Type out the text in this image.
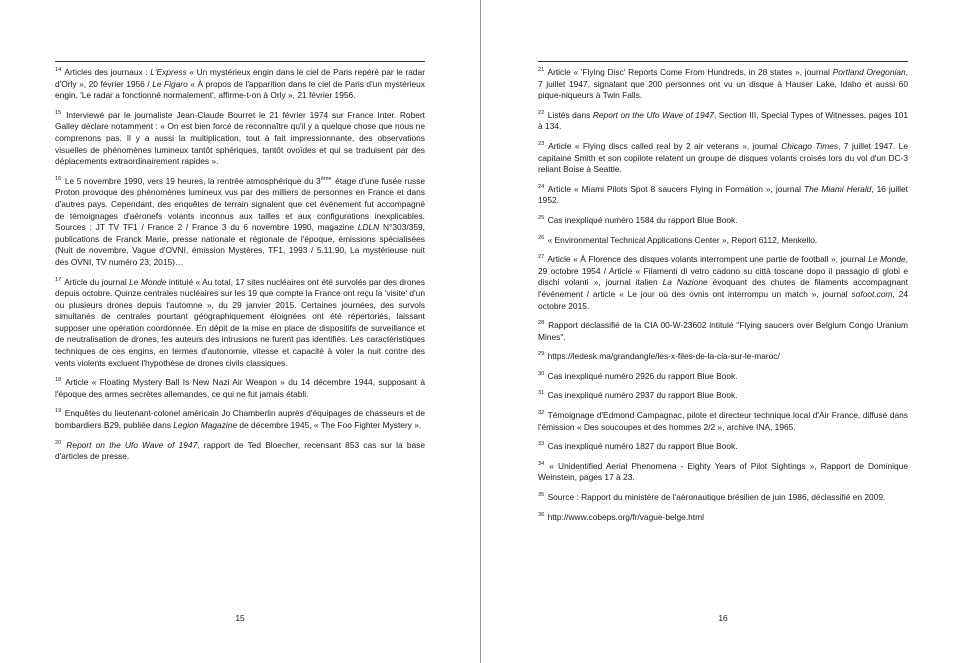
$^{14}$ Articles des journaux : L'Express « Un mystérieux engin dans le ciel de Paris repéré par le radar d'Orly », 20 février 1956 / Le Figaro « À propos de l'apparition dans le ciel de Paris d'un mystérieux engin, 'Le radar a fonctionné normalement', affirme-t-on à Orly », 21 février 1956.

$^{15}$ Interviewé par le journaliste Jean-Claude Bourret le 21 février 1974 sur France Inter. Robert Galley déclare notamment : « On est bien forcé de reconnaître qu'il y a quelque chose que nous ne comprenons pas. Il y a aussi la multiplication, tout à fait impressionnante, des observations visuelles de phénomènes lumineux tantôt sphériques, tantôt ovoïdes et qui se traduisent par des déplacements extraordinairement rapides ».

$^{16}$ Le 5 novembre 1990, vers 19 heures, la rentrée atmosphérique du 3ème étage d'une fusée russe Proton provoque des phénomènes lumineux vus par des milliers de personnes en France et dans d'autres pays. Cependant, des enquêtes de terrain signalent que cet événement fut accompagné de témoignages d'aéronefs volants inconnus aux tailles et aux configurations inexplicables. Sources : JT TV TF1 / France 2 / France 3 du 6 novembre 1990, magazine LDLN N°303/359, publications de Franck Marie, presse nationale et régionale de l'époque, émissions spécialisées (Nuit de novembre, Vague d'OVNI, émission Mystères, TF1, 1993 / 5.11.90, La mystérieuse nuit des OVNI, TV numéro 23, 2015)…

$^{17}$ Article du journal Le Monde intitulé « Au total, 17 sites nucléaires ont été survolés par des drones depuis octobre. Quinze centrales nucléaires sur les 19 que compte la France ont reçu la 'visite' d'un ou plusieurs drones depuis l'automne », du 29 janvier 2015. Certaines journées, des survols simultanés de centrales pourtant géographiquement éloignées ont été répertoriés, laissant supposer une opération coordonnée. En dépit de la mise en place de dispositifs de surveillance et de neutralisation de drones, les auteurs des intrusions ne furent pas identifiés. Les caractéristiques techniques de ces engins, en termes d'autonomie, vitesse et capacité à voler la nuit contre des vents violents excluent l'hypothèse de drones civils classiques.

$^{18}$ Article « Floating Mystery Ball Is New Nazi Air Weapon » du 14 décembre 1944, supposant à l'époque des armes secrètes allemandes, ce qui ne fut jamais établi.

$^{19}$ Enquêtes du lieutenant-colonel américain Jo Chamberlin auprès d'équipages de chasseurs et de bombardiers B29, publiée dans Legion Magazine de décembre 1945, « The Foo Fighter Mystery ».

$^{20}$ Report on the Ufo Wave of 1947, rapport de Ted Bloecher, recensant 853 cas sur la base d'articles de presse.

15

$^{21}$ Article « 'Flying Disc' Reports Come From Hundreds, in 28 states », journal Portland Oregonian, 7 juillet 1947, signalant que 200 personnes ont vu un disque à Hauser Lake, Idaho et aussi 60 pique-niqueurs à Twin Falls.

$^{22}$ Listés dans Report on the Ufo Wave of 1947, Section III, Special Types of Witnesses, pages 101 à 134.

$^{23}$ Article « Flying discs called real by 2 air veterans », journal Chicago Times, 7 juillet 1947. Le capitaine Smith et son copilote relatent un groupe de disques volants croisés lors du vol d'un DC-3 reliant Boise à Seattle.

$^{24}$ Article « Miami Pilots Spot 8 saucers Flying in Formation », journal The Miami Herald, 16 juillet 1952.

$^{25}$ Cas inexpliqué numéro 1584 du rapport Blue Book.

$^{26}$ « Environmental Technical Applications Center », Report 6112, Menkello.

$^{27}$ Article « À Florence des disques volants interrompent une partie de football », journal Le Monde, 29 octobre 1954 / Article « Filamenti di vetro cadono su città toscane dopo il passagio di globi e dischi volanti », journal italien La Nazione évoquant des chutes de filaments accompagnant l'événement / article « Le jour où des ovnis ont interrompu un match », journal sofoot.com, 24 octobre 2015.

$^{28}$ Rapport déclassifié de la CIA 00-W-23602 intitulé "Flying saucers over Belgium Congo Uranium Mines".

$^{29}$ https://ledesk.ma/grandangle/les-x-files-de-la-cia-sur-le-maroc/

$^{30}$ Cas inexpliqué numéro 2926 du rapport Blue Book.

$^{31}$ Cas inexpliqué numéro 2937 du rapport Blue Book.

$^{32}$ Témoignage d'Edmond Campagnac, pilote et directeur technique local d'Air France, diffusé dans l'émission « Des soucoupes et des hommes 2/2 », archive INA, 1965.

$^{33}$ Cas inexpliqué numéro 1827 du rapport Blue Book.

$^{34}$ « Unidentified Aerial Phenomena - Eighty Years of Pilot Sightings », Rapport de Dominique Weinstein, pages 17 à 23.

$^{35}$ Source : Rapport du ministère de l'aéronautique brésilien de juin 1986, déclassifié en 2009.

$^{36}$ http://www.cobeps.org/fr/vague-belge.html

16
